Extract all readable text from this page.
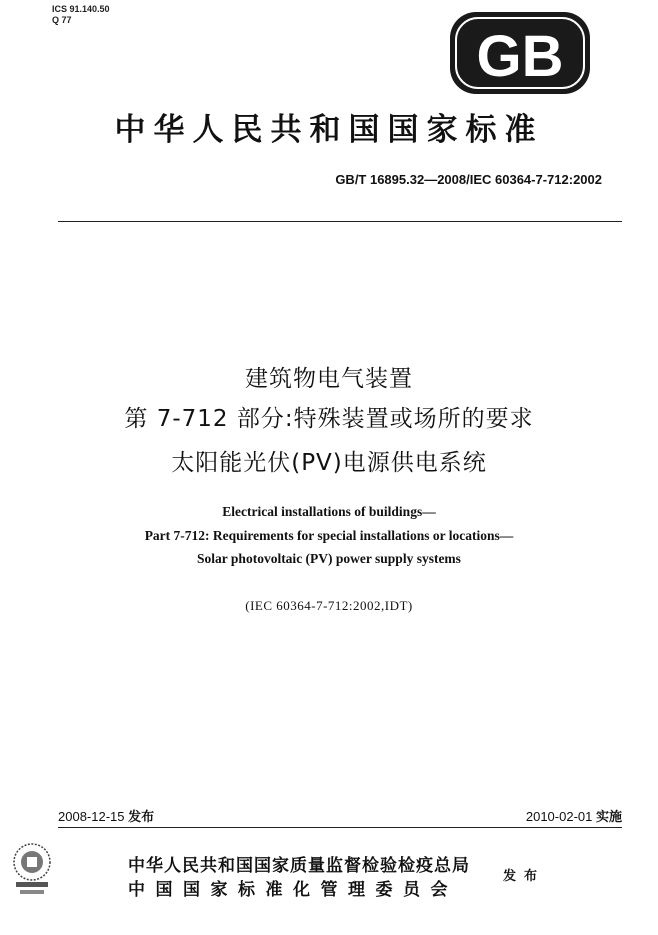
ICS 91.140.50
Q 77
GB
中华人民共和国国家标准
GB/T 16895.32—2008/IEC 60364-7-712:2002
建筑物电气装置
第 7-712 部分:特殊装置或场所的要求
太阳能光伏(PV)电源供电系统
Electrical installations of buildings—
Part 7-712: Requirements for special installations or locations—
Solar photovoltaic (PV) power supply systems
(IEC 60364-7-712:2002,IDT)
2008-12-15 发布	2010-02-01 实施
中华人民共和国国家质量监督检验检疫总局
中国国家标准化管理委员会
发布
